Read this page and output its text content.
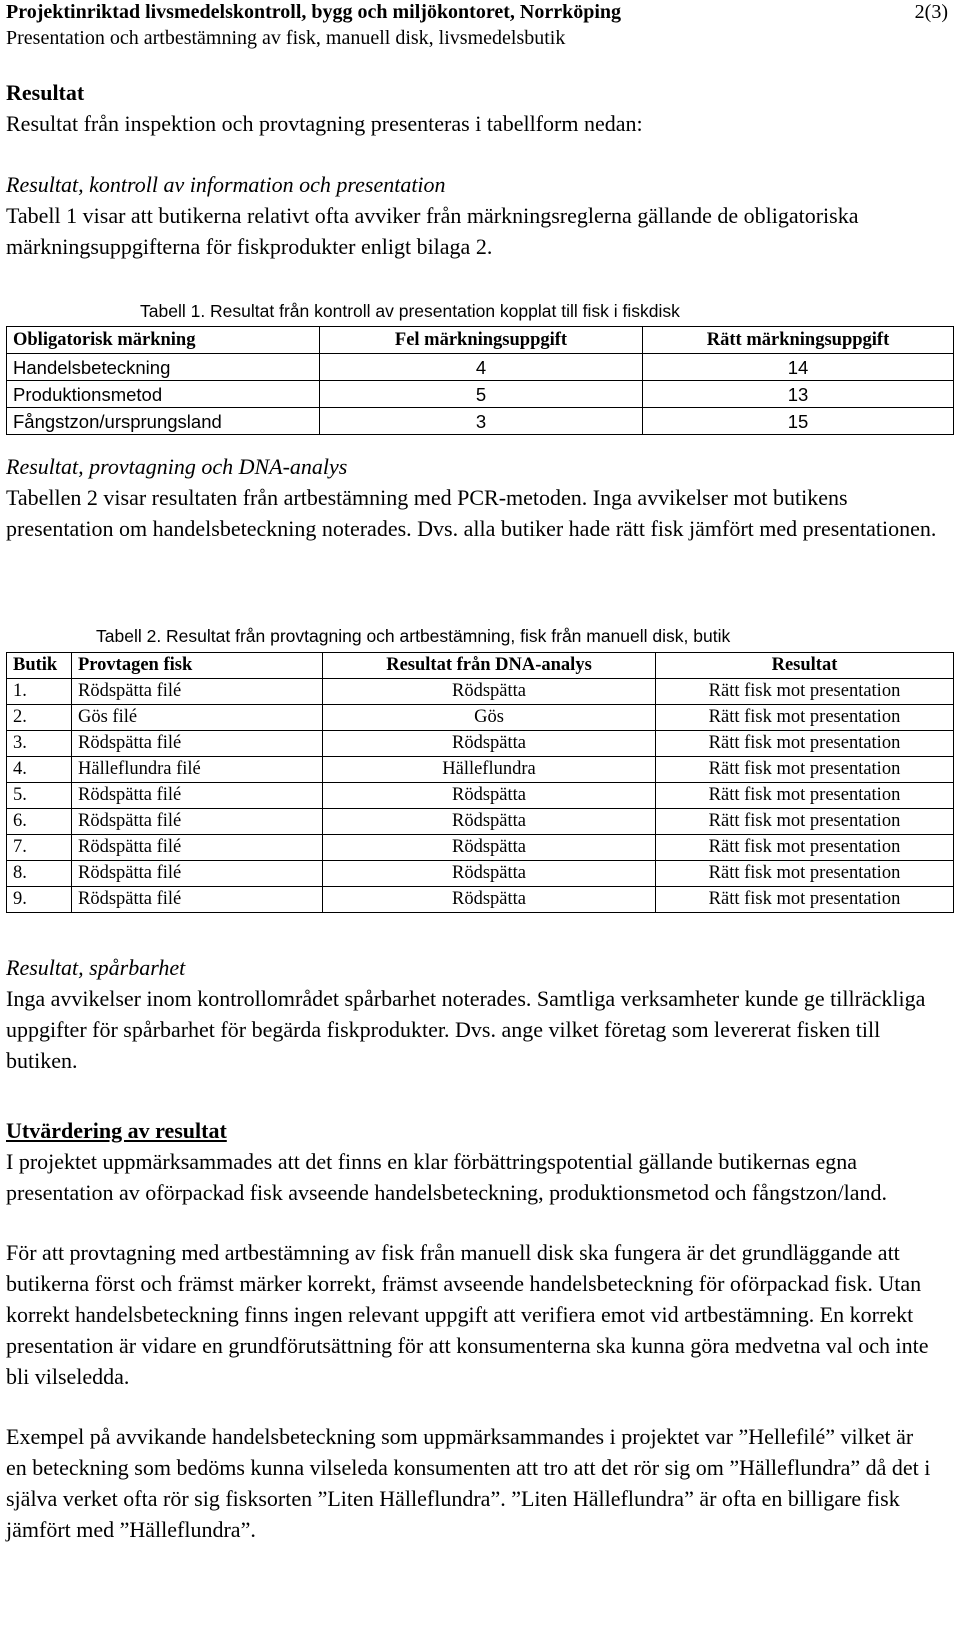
Projektinriktad livsmedelskontroll, bygg och miljökontoret, Norrköping
Presentation och artbestämning av fisk, manuell disk, livsmedelsbutik
2(3)
Resultat

Resultat från inspektion och provtagning presenteras i tabellform nedan:

Resultat, kontroll av information och presentation

Tabell 1 visar att butikerna relativt ofta avviker från märkningsreglerna gällande de obligatoriska märkningsuppgifterna för fiskprodukter enligt bilaga 2.

Tabell 1. Resultat från kontroll av presentation kopplat till fisk i fiskdisk
Obligatorisk märkning	Fel märkningsuppgift	Rätt märkningsuppgift
Handelsbeteckning	4	14
Produktionsmetod	5	13
Fångstzon/ursprungsland	3	15
Resultat, provtagning och DNA-analys

Tabellen 2 visar resultaten från artbestämning med PCR-metoden. Inga avvikelser mot butikens presentation om handelsbeteckning noterades. Dvs. alla butiker hade rätt fisk jämfört med presentationen.

Tabell 2. Resultat från provtagning och artbestämning, fisk från manuell disk, butik
Butik	Provtagen fisk	Resultat från DNA-analys	Resultat
1.	Rödspätta filé	Rödspätta	Rätt fisk mot presentation
2.	Gös filé	Gös	Rätt fisk mot presentation
3.	Rödspätta filé	Rödspätta	Rätt fisk mot presentation
4.	Hälleflundra filé	Hälleflundra	Rätt fisk mot presentation
5.	Rödspätta filé	Rödspätta	Rätt fisk mot presentation
6.	Rödspätta filé	Rödspätta	Rätt fisk mot presentation
7.	Rödspätta filé	Rödspätta	Rätt fisk mot presentation
8.	Rödspätta filé	Rödspätta	Rätt fisk mot presentation
9.	Rödspätta filé	Rödspätta	Rätt fisk mot presentation
Resultat, spårbarhet

Inga avvikelser inom kontrollområdet spårbarhet noterades. Samtliga verksamheter kunde ge tillräckliga uppgifter för spårbarhet för begärda fiskprodukter. Dvs. ange vilket företag som levererat fisken till butiken.

Utvärdering av resultat

I projektet uppmärksammades att det finns en klar förbättringspotential gällande butikernas egna presentation av oförpackad fisk avseende handelsbeteckning, produktionsmetod och fångstzon/land.

För att provtagning med artbestämning av fisk från manuell disk ska fungera är det grundläggande att butikerna först och främst märker korrekt, främst avseende handelsbeteckning för oförpackad fisk. Utan korrekt handelsbeteckning finns ingen relevant uppgift att verifiera emot vid artbestämning. En korrekt presentation är vidare en grundförutsättning för att konsumenterna ska kunna göra medvetna val och inte bli vilseledda.

Exempel på avvikande handelsbeteckning som uppmärksammandes i projektet var ”Hellefilé” vilket är en beteckning som bedöms kunna vilseleda konsumenten att tro att det rör sig om ”Hälleflundra” då det i själva verket ofta rör sig fisksorten ”Liten Hälleflundra”. ”Liten Hälleflundra” är ofta en billigare fisk jämfört med ”Hälleflundra”.
